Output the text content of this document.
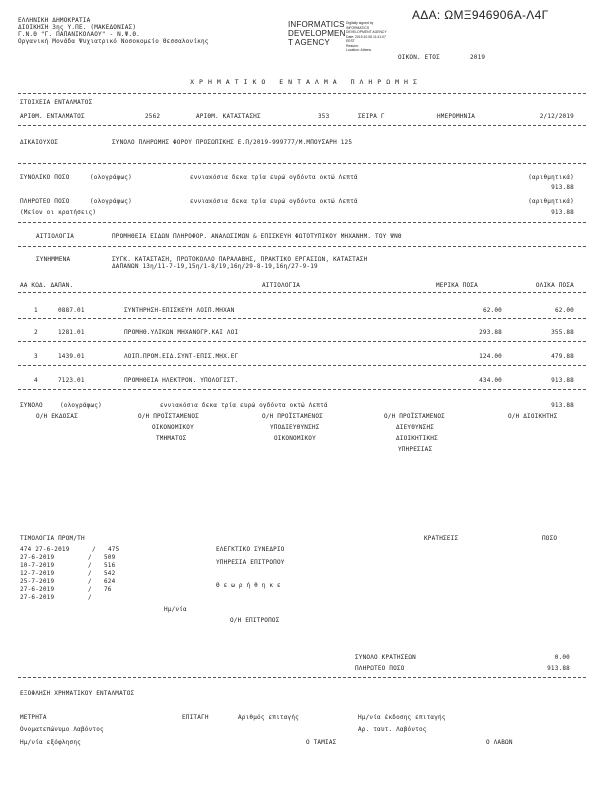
ΑΔΑ: ΩΜΞ946906Α-Λ4Γ
ΕΛΛΗΝΙΚΗ ΔΗΜΟΚΡΑΤΙΑ
ΔΙΟΙΚΗΣΗ 3ης Υ.ΠΕ. (ΜΑΚΕΔΟΝΙΑΣ)
Γ.Ν.Θ "Γ. ΠΑΠΑΝΙΚΟΛΑΟΥ" - Ν.Ψ.Θ.
Οργανική Μονάδα Ψυχιατρικό Νοσοκομείο Θεσσαλονίκης
INFORMATICS
DEVELOPMEN
T AGENCY
Digitally signed by
INFORMATICS
DEVELOPMENT AGENCY
Date: 2019.10.08 11:41:07
EEST
Reason:
Location: Athens
ΟΙΚΟΝ. ΕΤΟΣ	2019
ΧΡΗΜΑΤΙΚΟ ΕΝΤΑΛΜΑ ΠΛΗΡΩΜΗΣ
ΣΤΟΙΧΕΙΑ ΕΝΤΑΛΜΑΤΟΣ
ΑΡΙΘΜ. ΕΝΤΑΛΜΑΤΟΣ	2562	ΑΡΙΘΜ. ΚΑΤΑΣΤΑΣΗΣ	353	ΣΕΙΡΑ Γ	ΗΜΕΡΟΜΗΝΙΑ	2/12/2019
ΔΙΚΑΙΟΥΧΟΣ	ΣΥΝΟΛΟ ΠΛΗΡΩΜΗΣ ΦΟΡΟΥ ΠΡΟΣΩΠΙΚΗΣ Ε.Π/2019-999777/Μ.ΜΠΟΥΣΑΡΗ 125
ΣΥΝΟΛΙΚΟ ΠΟΣΟ	(ολογράφως)	εννιακόσια δεκα τρία ευρώ ογδόντα οκτώ Λεπτά	(αριθμητικά)
913.88
ΠΛΗΡΩΤΕΟ ΠΟΣΟ	(ολογράφως)	εννιακόσια δεκα τρία ευρώ ογδόντα οκτώ Λεπτά	(αριθμητικά)
(Μείον οι κρατήσεις)	913.88
ΑΙΤΙΟΛΟΓΙΑ	ΠΡΟΜΗΘΕΙΑ ΕΙΔΩΝ ΠΛΗΡΟΦΟΡ. ΑΝΑΛΩΣΙΜΩΝ & ΕΠΙΣΚΕΥΗ ΦΩΤΟΤΥΠΙΚΟΥ ΜΗΧΑΝΗΜ. ΤΟΥ ΨΝΘ
ΣΥΝΗΜΜΕΝΑ	ΣΥΓΚ. ΚΑΤΑΣΤΑΣΗ, ΠΡΩΤΟΚΟΛΛΟ ΠΑΡΑΛΑΒΗΣ, ΠΡΑΚΤΙΚΟ ΕΡΓΑΣΙΩΝ, ΚΑΤΑΣΤΑΣΗ
ΔΑΠΑΝΩΝ 13η/11-7-19,15η/1-8/19,16η/29-8-19,16η/27-9-19
ΑΑ ΚΩΔ. ΔΑΠΑΝ.	ΑΙΤΙΟΛΟΓΙΑ	ΜΕΡΙΚΑ ΠΟΣΑ	ΟΛΙΚΑ ΠΟΣΑ
1	0887.01	ΣΥΝΤΗΡΗΣΗ-ΕΠΙΣΚΕΥΗ ΛΟΙΠ.ΜΗΧΑΝ	62.00	62.00
2	1281.01	ΠΡΟΜΗΘ.ΥΛΙΚΩΝ ΜΗΧΑΝΟΓΡ.ΚΑΙ ΛΟΙ	293.88	355.88
3	1439.01	ΛΟΙΠ.ΠΡΟΜ.ΕΙΔ.ΣΥΝΤ-ΕΠΙΣ.ΜΗΧ.ΕΓ	124.00	479.88
4	7123.01	ΠΡΟΜΗΘΕΙΑ ΗΛΕΚΤΡΟΝ. ΥΠΟΛΟΓΙΣΤ.	434.00	913.88
ΣΥΝΟΛΟ	(ολογράφως)	εννιακόσια δεκα τρία ευρώ ογδόντα οκτώ Λεπτά	913.88
Ο/Η ΕΚΔΟΣΑΣ	Ο/Η ΠΡΟΪΣΤΑΜΕΝΟΣ
ΟΙΚΟΝΟΜΙΚΟΥ
ΤΜΗΜΑΤΟΣ
Ο/Η ΠΡΟΪΣΤΑΜΕΝΟΣ
ΥΠΟΔΙΕΥΘΥΝΣΗΣ
ΟΙΚΟΝΟΜΙΚΟΥ
Ο/Η ΠΡΟΪΣΤΑΜΕΝΟΣ
ΔΙΕΥΘΥΝΣΗΣ
ΔΙΟΙΚΗΤΙΚΗΣ
ΥΠΗΡΕΣΙΑΣ
Ο/Η ΔΙΟΙΚΗΤΗΣ
ΤΙΜΟΛΟΓΙΑ ΠΡΟΜ/ΤΗ	ΚΡΑΤΗΣΕΙΣ	ΠΟΣΟ
474 27-6-2019	/ 475
27-6-2019	/ 509
10-7-2019	/ 516
12-7-2019	/ 542
25-7-2019	/ 624
27-6-2019	/ 76
27-6-2019	/
ΕΛΕΓΚΤΙΚΟ ΣΥΝΕΔΡΙΟ
ΥΠΗΡΕΣΙΑ ΕΠΙΤΡΟΠΟΥ
Θ ε ω ρ ή θ η κ ε
Ημ/νία
Ο/Η ΕΠΙΤΡΟΠΟΣ
ΣΥΝΟΛΟ ΚΡΑΤΗΣΕΩΝ	0.00
ΠΛΗΡΩΤΕΟ ΠΟΣΟ	913.88
ΕΞΟΦΛΗΣΗ ΧΡΗΜΑΤΙΚΟΥ ΕΝΤΑΛΜΑΤΟΣ
ΜΕΤΡΗΤΑ	ΕΠΙΤΑΓΗ	Αριθμός επιταγής	Ημ/νία έκδοσης επιταγής
Ονοματεπώνυμο Λαβόντος	Αρ. ταυτ. Λαβόντος
Ημ/νία εξόφλησης	Ο ΤΑΜΙΑΣ	Ο ΛΑΒΩΝ
